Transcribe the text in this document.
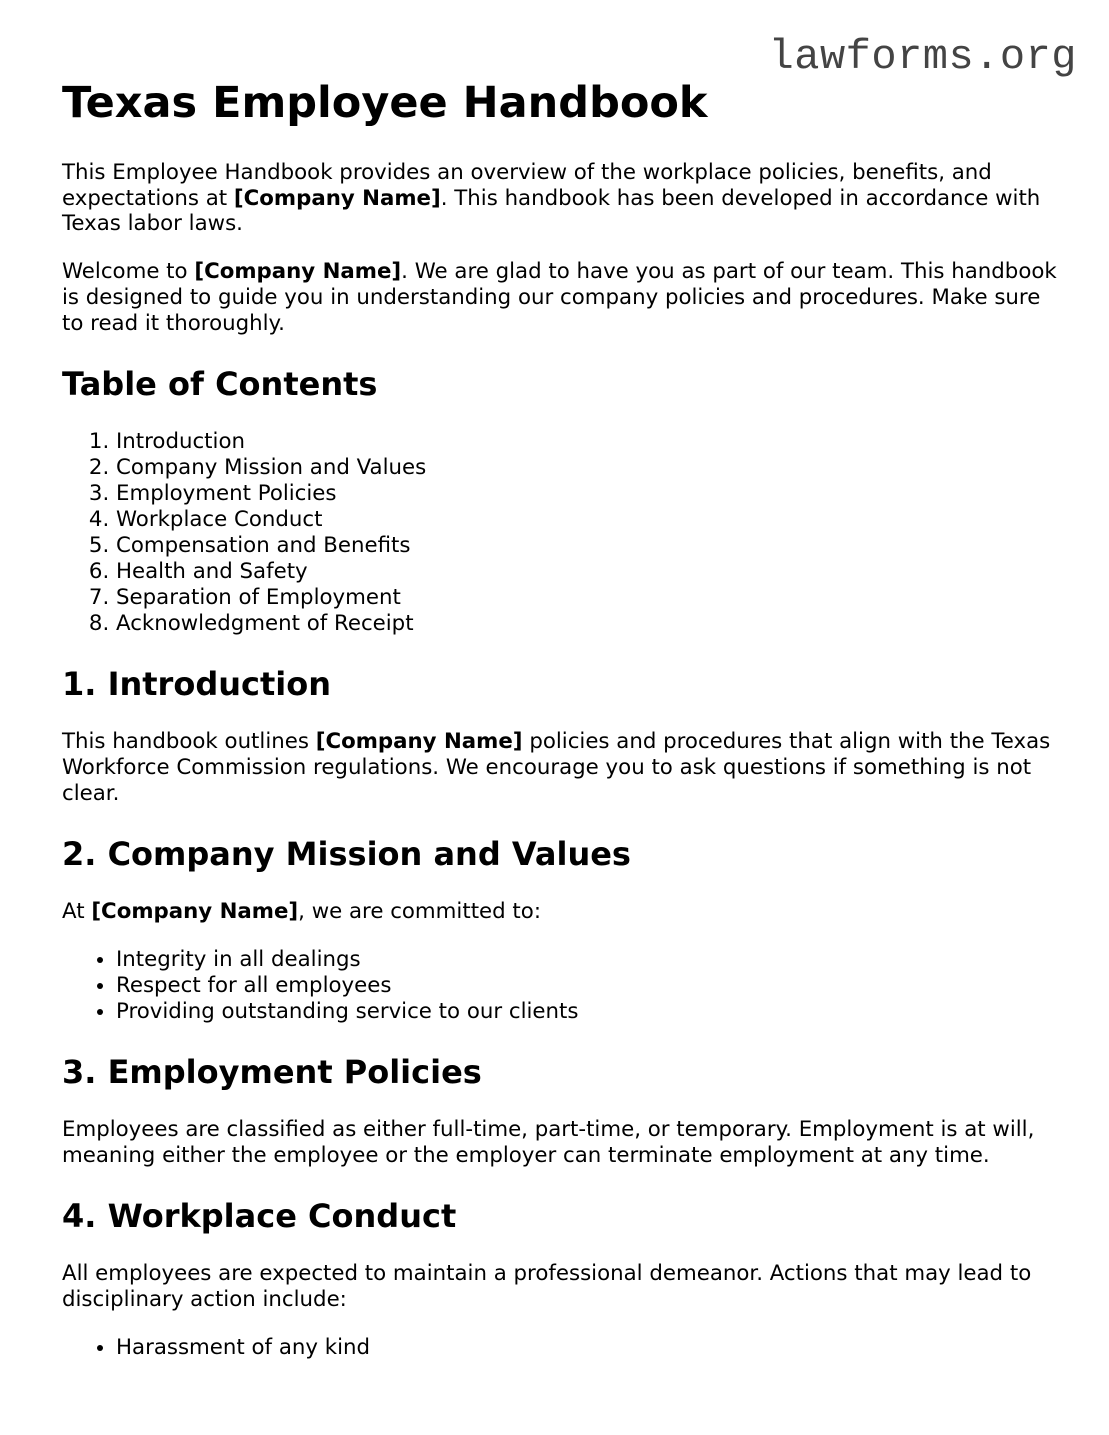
lawforms.org
Texas Employee Handbook

This Employee Handbook provides an overview of the workplace policies, benefits, and expectations at [Company Name]. This handbook has been developed in accordance with Texas labor laws.

Welcome to [Company Name]. We are glad to have you as part of our team. This handbook is designed to guide you in understanding our company policies and procedures. Make sure to read it thoroughly.

Table of Contents
1. Introduction
2. Company Mission and Values
3. Employment Policies
4. Workplace Conduct
5. Compensation and Benefits
6. Health and Safety
7. Separation of Employment
8. Acknowledgment of Receipt
1. Introduction

This handbook outlines [Company Name] policies and procedures that align with the Texas Workforce Commission regulations. We encourage you to ask questions if something is not clear.

2. Company Mission and Values

At [Company Name], we are committed to:

• Integrity in all dealings
• Respect for all employees
• Providing outstanding service to our clients
3. Employment Policies

Employees are classified as either full-time, part-time, or temporary. Employment is at will, meaning either the employee or the employer can terminate employment at any time.

4. Workplace Conduct

All employees are expected to maintain a professional demeanor. Actions that may lead to disciplinary action include:

• Harassment of any kind
